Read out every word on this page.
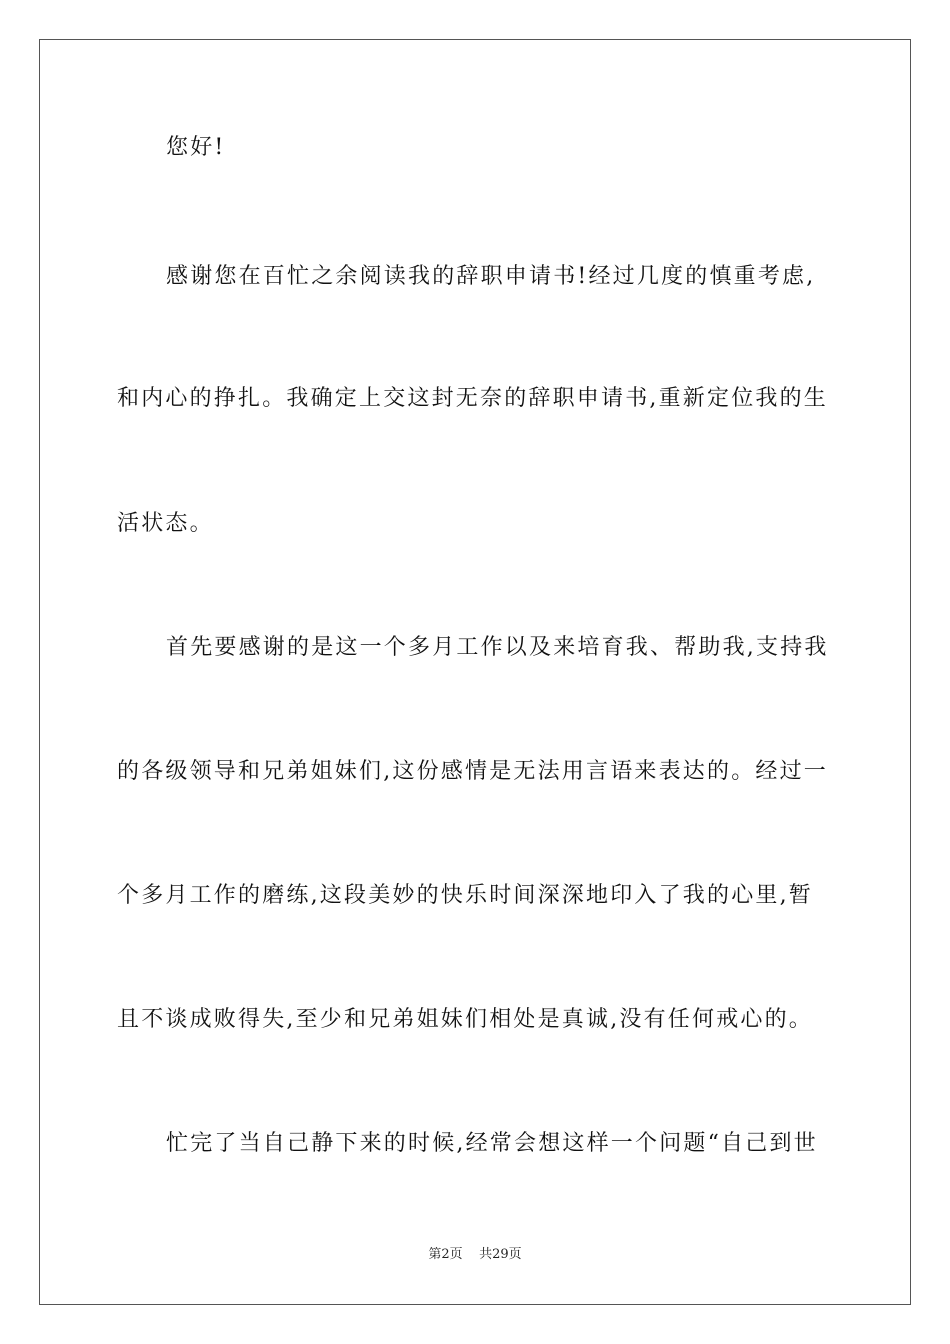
您好!
感谢您在百忙之余阅读我的辞职申请书!经过几度的慎重考虑,
和内心的挣扎。我确定上交这封无奈的辞职申请书,重新定位我的生
活状态。
首先要感谢的是这一个多月工作以及来培育我、帮助我,支持我
的各级领导和兄弟姐妹们,这份感情是无法用言语来表达的。经过一
个多月工作的磨练,这段美妙的快乐时间深深地印入了我的心里,暂
且不谈成败得失,至少和兄弟姐妹们相处是真诚,没有任何戒心的。
忙完了当自己静下来的时候,经常会想这样一个问题“自己到世
第2页    共29页
